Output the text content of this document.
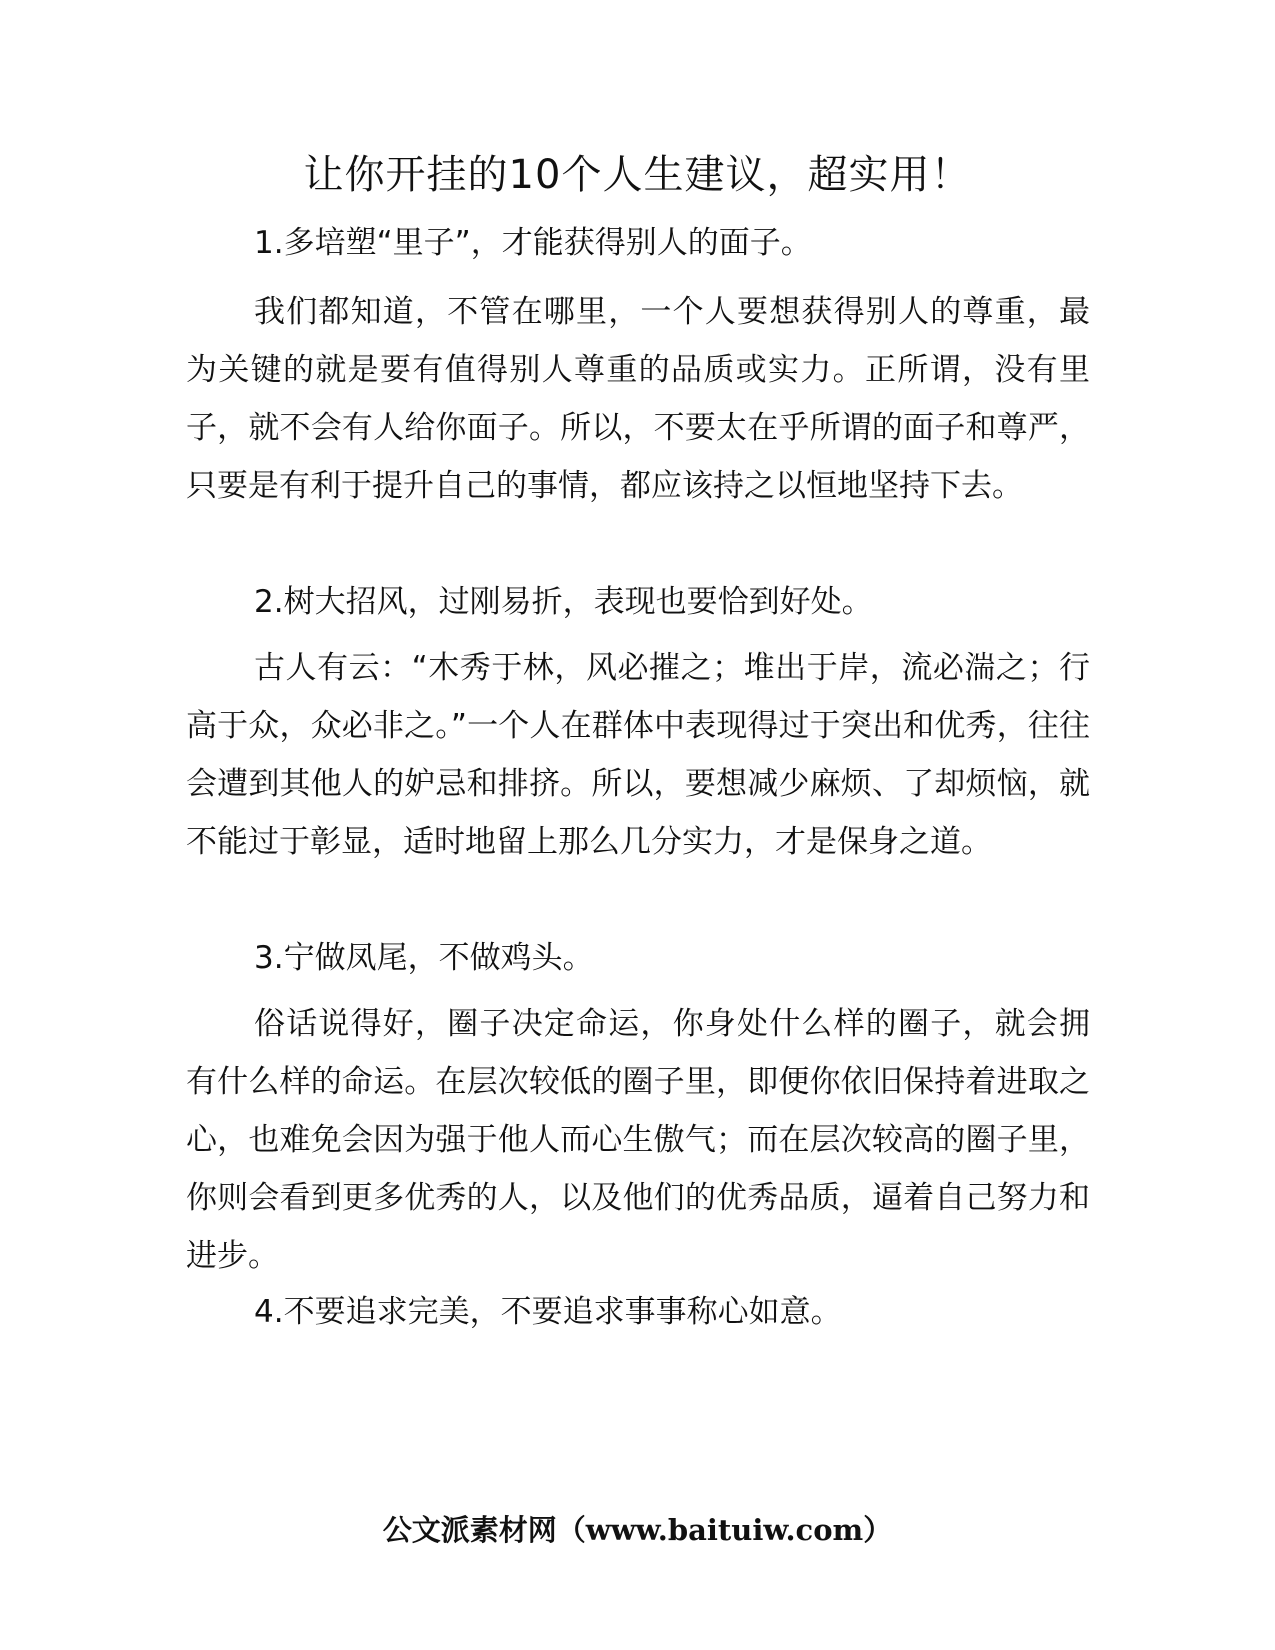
让你开挂的10个人生建议，超实用！

1.多培塑“里子”，才能获得别人的面子。

我们都知道，不管在哪里，一个人要想获得别人的尊重，最为关键的就是要有值得别人尊重的品质或实力。正所谓，没有里子，就不会有人给你面子。所以，不要太在乎所谓的面子和尊严，只要是有利于提升自己的事情，都应该持之以恒地坚持下去。

2.树大招风，过刚易折，表现也要恰到好处。

古人有云：“木秀于林，风必摧之；堆出于岸，流必湍之；行高于众，众必非之。”一个人在群体中表现得过于突出和优秀，往往会遭到其他人的妒忌和排挤。所以，要想减少麻烦、了却烦恼，就不能过于彰显，适时地留上那么几分实力，才是保身之道。

3.宁做凤尾，不做鸡头。

俗话说得好，圈子决定命运，你身处什么样的圈子，就会拥有什么样的命运。在层次较低的圈子里，即便你依旧保持着进取之心，也难免会因为强于他人而心生傲气；而在层次较高的圈子里，你则会看到更多优秀的人，以及他们的优秀品质，逼着自己努力和进步。

4.不要追求完美，不要追求事事称心如意。

公文派素材网（www.baituiw.com）
